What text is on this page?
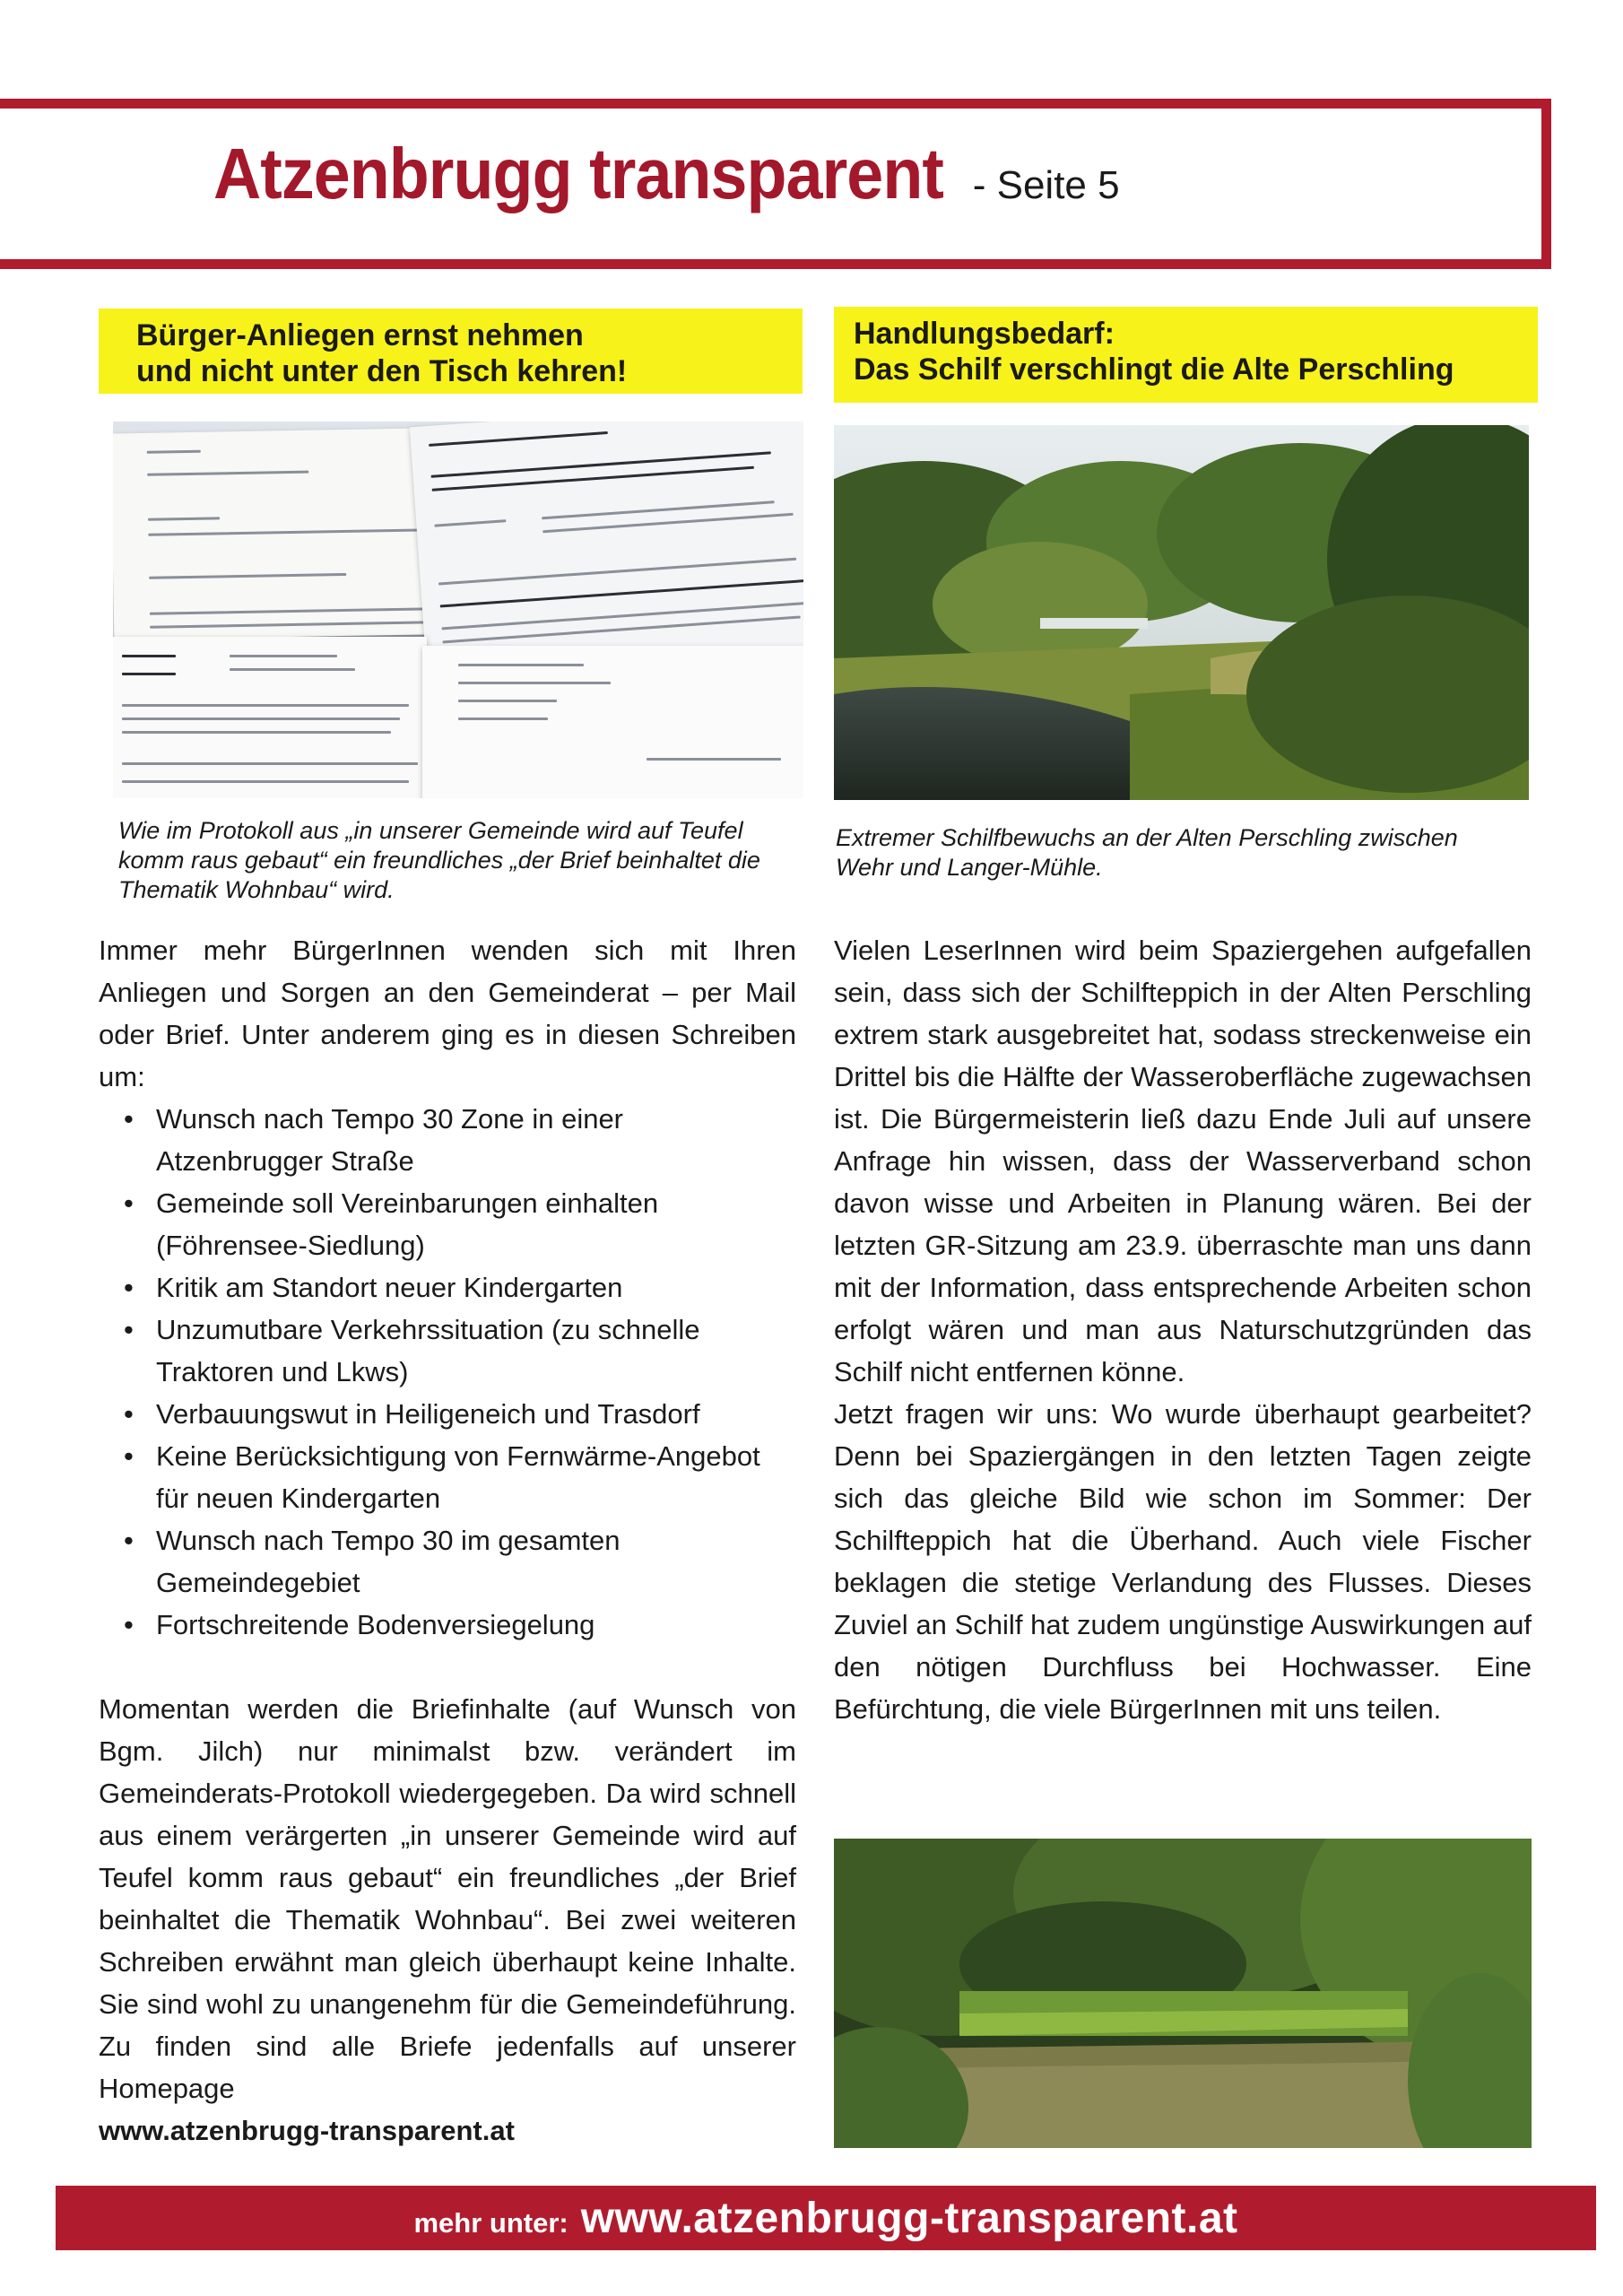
Atzenbrugg transparent - Seite 5
Bürger-Anliegen ernst nehmen
und nicht unter den Tisch kehren!
Handlungsbedarf:
Das Schilf verschlingt die Alte Perschling
Wie im Protokoll aus „in unserer Gemeinde wird auf Teufel komm raus gebaut“ ein freundliches „der Brief beinhaltet die Thematik Wohnbau“ wird.
Extremer Schilfbewuchs an der Alten Perschling zwischen Wehr und Langer-Mühle.

Immer mehr BürgerInnen wenden sich mit Ihren Anliegen und Sorgen an den Gemeinderat – per Mail oder Brief. Unter anderem ging es in diesen Schreiben um:

• Wunsch nach Tempo 30 Zone in einer Atzenbrugger Straße
• Gemeinde soll Vereinbarungen einhalten (Föhrensee-Siedlung)
• Kritik am Standort neuer Kindergarten
• Unzumutbare Verkehrssituation (zu schnelle Traktoren und Lkws)
• Verbauungswut in Heiligeneich und Trasdorf
• Keine Berücksichtigung von Fernwärme-Angebot für neuen Kindergarten
• Wunsch nach Tempo 30 im gesamten Gemeindegebiet
• Fortschreitende Bodenversiegelung

Momentan werden die Briefinhalte (auf Wunsch von Bgm. Jilch) nur minimalst bzw. verändert im Gemeinderats-Protokoll wiedergegeben. Da wird schnell aus einem verärgerten „in unserer Gemeinde wird auf Teufel komm raus gebaut“ ein freundliches „der Brief beinhaltet die Thematik Wohnbau“. Bei zwei weiteren Schreiben erwähnt man gleich überhaupt keine Inhalte. Sie sind wohl zu unangenehm für die Gemeindeführung. Zu finden sind alle Briefe jedenfalls auf unserer Homepage

www.atzenbrugg-transparent.at

Vielen LeserInnen wird beim Spaziergehen aufgefallen sein, dass sich der Schilfteppich in der Alten Perschling extrem stark ausgebreitet hat, sodass streckenweise ein Drittel bis die Hälfte der Wasseroberfläche zugewachsen ist. Die Bürgermeisterin ließ dazu Ende Juli auf unsere Anfrage hin wissen, dass der Wasserverband schon davon wisse und Arbeiten in Planung wären. Bei der letzten GR-Sitzung am 23.9. überraschte man uns dann mit der Information, dass entsprechende Arbeiten schon erfolgt wären und man aus Naturschutzgründen das Schilf nicht entfernen könne.

Jetzt fragen wir uns: Wo wurde überhaupt gearbeitet? Denn bei Spaziergängen in den letzten Tagen zeigte sich das gleiche Bild wie schon im Sommer: Der Schilfteppich hat die Überhand. Auch viele Fischer beklagen die stetige Verlandung des Flusses. Dieses Zuviel an Schilf hat zudem ungünstige Auswirkungen auf den nötigen Durchfluss bei Hochwasser. Eine Befürchtung, die viele BürgerInnen mit uns teilen.

mehr unter: www.atzenbrugg-transparent.at
